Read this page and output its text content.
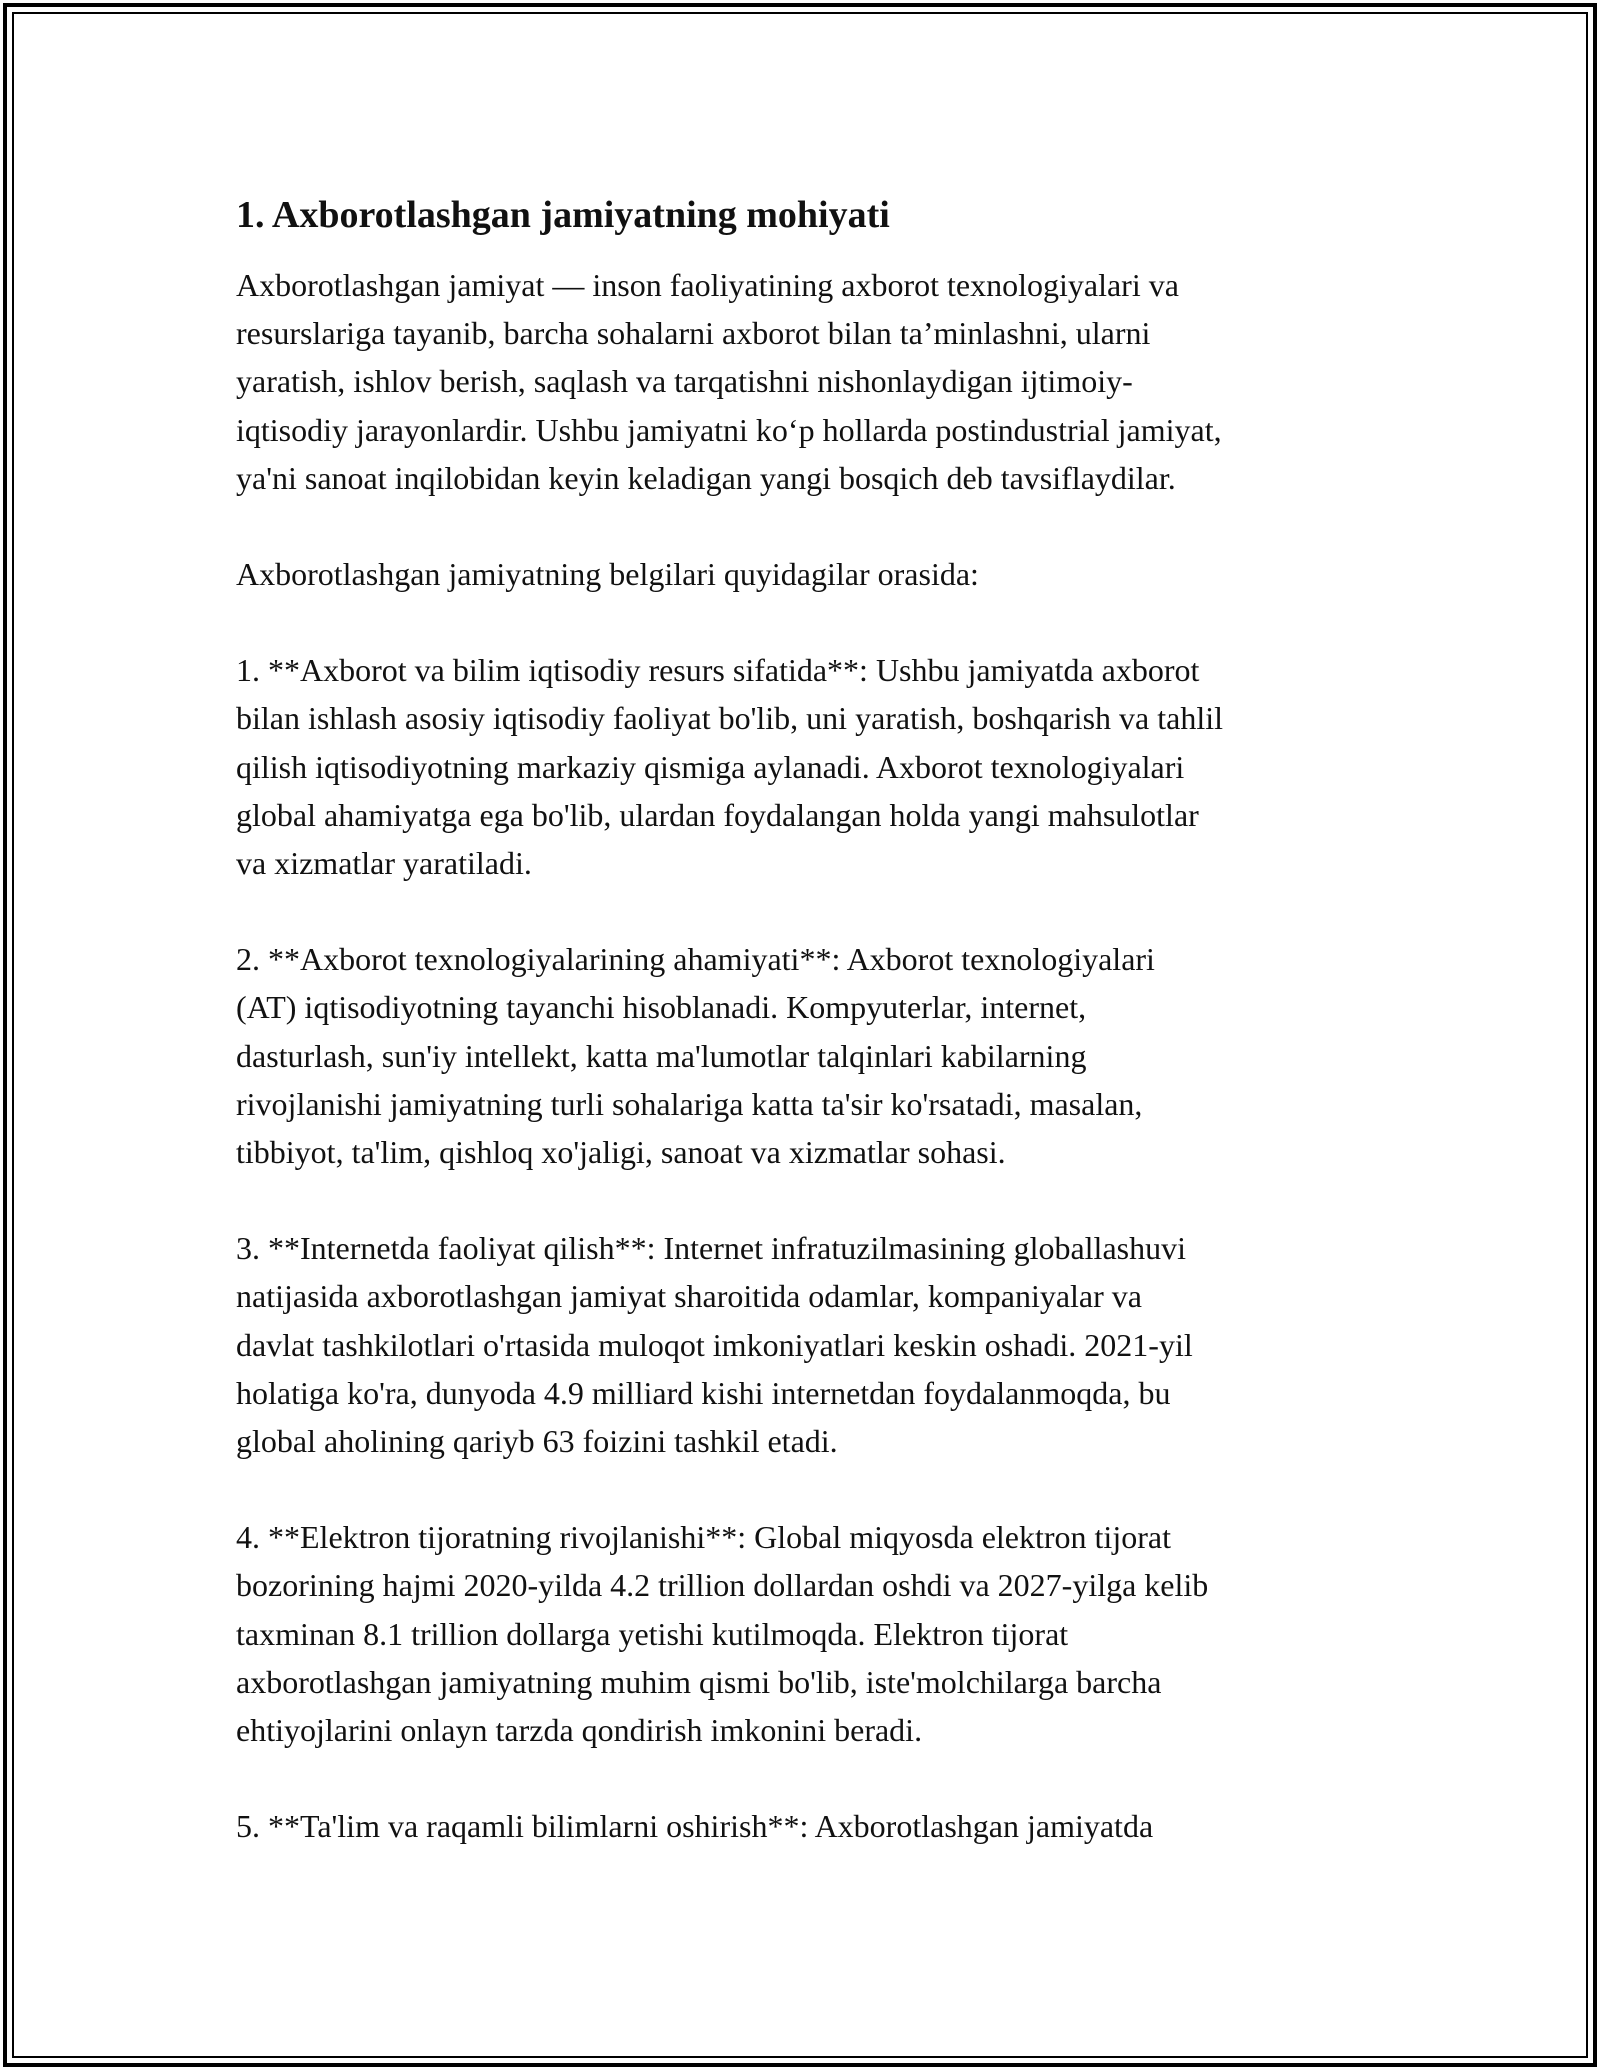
1. Axborotlashgan jamiyatning mohiyati

Axborotlashgan jamiyat — inson faoliyatining axborot texnologiyalari va
resurslariga tayanib, barcha sohalarni axborot bilan ta’minlashni, ularni
yaratish, ishlov berish, saqlash va tarqatishni nishonlaydigan ijtimoiy-
iqtisodiy jarayonlardir. Ushbu jamiyatni ko‘p hollarda postindustrial jamiyat,
ya'ni sanoat inqilobidan keyin keladigan yangi bosqich deb tavsiflaydilar.

Axborotlashgan jamiyatning belgilari quyidagilar orasida:

1. **Axborot va bilim iqtisodiy resurs sifatida**: Ushbu jamiyatda axborot
bilan ishlash asosiy iqtisodiy faoliyat bo'lib, uni yaratish, boshqarish va tahlil
qilish iqtisodiyotning markaziy qismiga aylanadi. Axborot texnologiyalari
global ahamiyatga ega bo'lib, ulardan foydalangan holda yangi mahsulotlar
va xizmatlar yaratiladi.

2. **Axborot texnologiyalarining ahamiyati**: Axborot texnologiyalari
(AT) iqtisodiyotning tayanchi hisoblanadi. Kompyuterlar, internet,
dasturlash, sun'iy intellekt, katta ma'lumotlar talqinlari kabilarning
rivojlanishi jamiyatning turli sohalariga katta ta'sir ko'rsatadi, masalan,
tibbiyot, ta'lim, qishloq xo'jaligi, sanoat va xizmatlar sohasi.

3. **Internetda faoliyat qilish**: Internet infratuzilmasining globallashuvi
natijasida axborotlashgan jamiyat sharoitida odamlar, kompaniyalar va
davlat tashkilotlari o'rtasida muloqot imkoniyatlari keskin oshadi. 2021-yil
holatiga ko'ra, dunyoda 4.9 milliard kishi internetdan foydalanmoqda, bu
global aholining qariyb 63 foizini tashkil etadi.

4. **Elektron tijoratning rivojlanishi**: Global miqyosda elektron tijorat
bozorining hajmi 2020-yilda 4.2 trillion dollardan oshdi va 2027-yilga kelib
taxminan 8.1 trillion dollarga yetishi kutilmoqda. Elektron tijorat
axborotlashgan jamiyatning muhim qismi bo'lib, iste'molchilarga barcha
ehtiyojlarini onlayn tarzda qondirish imkonini beradi.

5. **Ta'lim va raqamli bilimlarni oshirish**: Axborotlashgan jamiyatda
